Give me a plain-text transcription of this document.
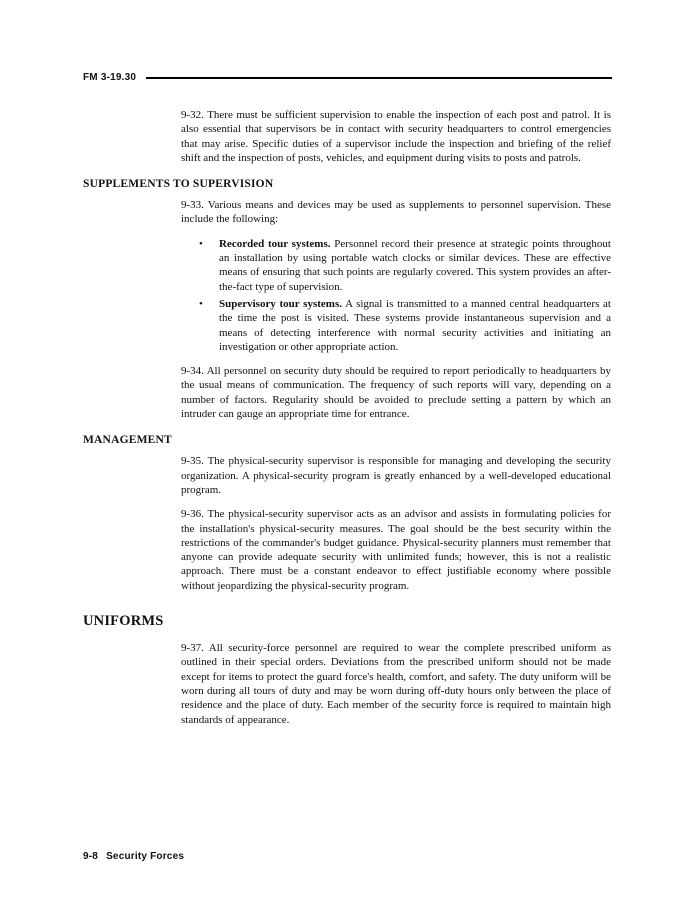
FM 3-19.30

9-32. There must be sufficient supervision to enable the inspection of each post and patrol. It is also essential that supervisors be in contact with security headquarters to control emergencies that may arise. Specific duties of a supervisor include the inspection and briefing of the relief shift and the inspection of posts, vehicles, and equipment during visits to posts and patrols.

SUPPLEMENTS TO SUPERVISION

9-33. Various means and devices may be used as supplements to personnel supervision. These include the following:

•	Recorded tour systems. Personnel record their presence at strategic points throughout an installation by using portable watch clocks or similar devices. These are effective means of ensuring that such points are regularly covered. This system provides an after-the-fact type of supervision.
•	Supervisory tour systems. A signal is transmitted to a manned central headquarters at the time the post is visited. These systems provide instantaneous supervision and a means of detecting interference with normal security activities and initiating an investigation or other appropriate action.

9-34. All personnel on security duty should be required to report periodically to headquarters by the usual means of communication. The frequency of such reports will vary, depending on a number of factors. Regularity should be avoided to preclude setting a pattern by which an intruder can gauge an appropriate time for entrance.

MANAGEMENT

9-35. The physical-security supervisor is responsible for managing and developing the security organization. A physical-security program is greatly enhanced by a well-developed educational program.

9-36. The physical-security supervisor acts as an advisor and assists in formulating policies for the installation's physical-security measures. The goal should be the best security within the restrictions of the commander's budget guidance. Physical-security planners must remember that anyone can provide adequate security with unlimited funds; however, this is not a realistic approach. There must be a constant endeavor to effect justifiable economy where possible without jeopardizing the physical-security program.

UNIFORMS

9-37. All security-force personnel are required to wear the complete prescribed uniform as outlined in their special orders. Deviations from the prescribed uniform should not be made except for items to protect the guard force's health, comfort, and safety. The duty uniform will be worn during all tours of duty and may be worn during off-duty hours only between the place of residence and the place of duty. Each member of the security force is required to maintain high standards of appearance.

9-8 Security Forces
